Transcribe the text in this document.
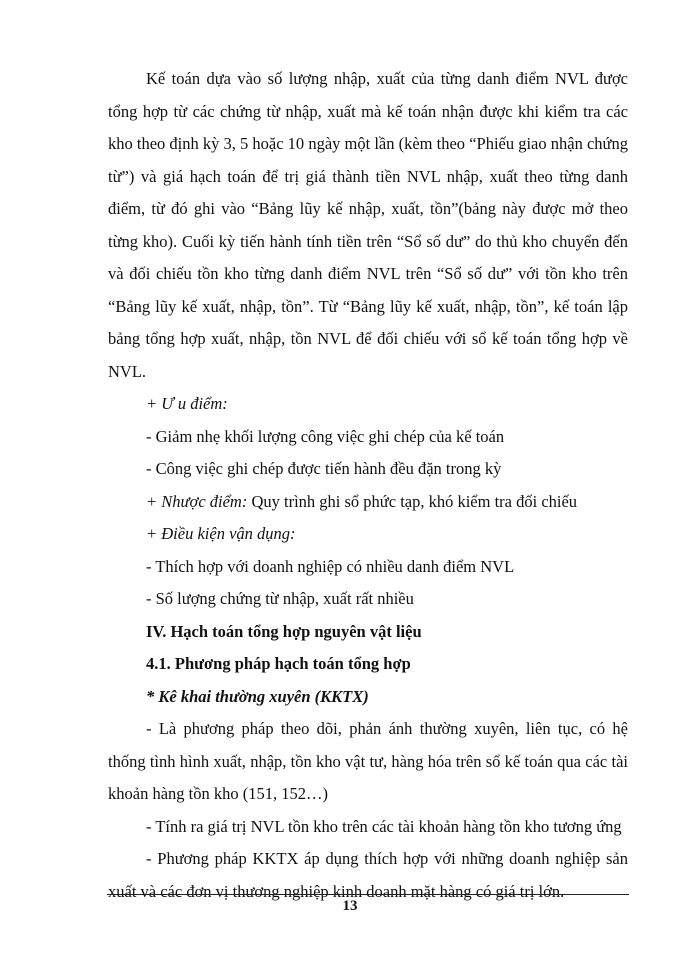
Kế toán dựa vào số lượng nhập, xuất của từng danh điểm NVL được tổng hợp từ các chứng từ nhập, xuất mà kế toán nhận được khi kiểm tra các kho theo định kỳ 3, 5 hoặc 10 ngày một lần (kèm theo “Phiếu giao nhận chứng từ”) và giá hạch toán để trị giá thành tiền NVL nhập, xuất theo từng danh điểm, từ đó ghi vào “Bảng lũy kế nhập, xuất, tồn”(bảng này được mở theo từng kho). Cuối kỳ tiến hành tính tiền trên “Sổ số dư” do thủ kho chuyển đến và đối chiếu tồn kho từng danh điểm NVL trên “Sổ số dư” với tồn kho trên “Bảng lũy kế xuất, nhập, tồn”. Từ “Bảng lũy kế xuất, nhập, tồn”, kế toán lập bảng tổng hợp xuất, nhập, tồn NVL để đối chiếu với sổ kế toán tổng hợp về NVL.

+ Ư u điểm:

- Giảm nhẹ khối lượng công việc ghi chép của kế toán

- Công việc ghi chép được tiến hành đều đặn trong kỳ

+ Nhược điểm: Quy trình ghi sổ phức tạp, khó kiểm tra đối chiếu

+ Điều kiện vận dụng:

- Thích hợp với doanh nghiệp có nhiều danh điểm NVL

- Số lượng chứng từ nhập, xuất rất nhiều

IV. Hạch toán tổng hợp nguyên vật liệu

4.1. Phương pháp hạch toán tổng hợp

* Kê khai thường xuyên (KKTX)

- Là phương pháp theo dõi, phản ánh thường xuyên, liên tục, có hệ thống tình hình xuất, nhập, tồn kho vật tư, hàng hóa trên sổ kế toán qua các tài khoản hàng tồn kho (151, 152…)

- Tính ra giá trị NVL tồn kho trên các tài khoản hàng tồn kho tương ứng

- Phương pháp KKTX áp dụng thích hợp với những doanh nghiệp sản xuất và các đơn vị thương nghiệp kinh doanh mặt hàng có giá trị lớn.

13
